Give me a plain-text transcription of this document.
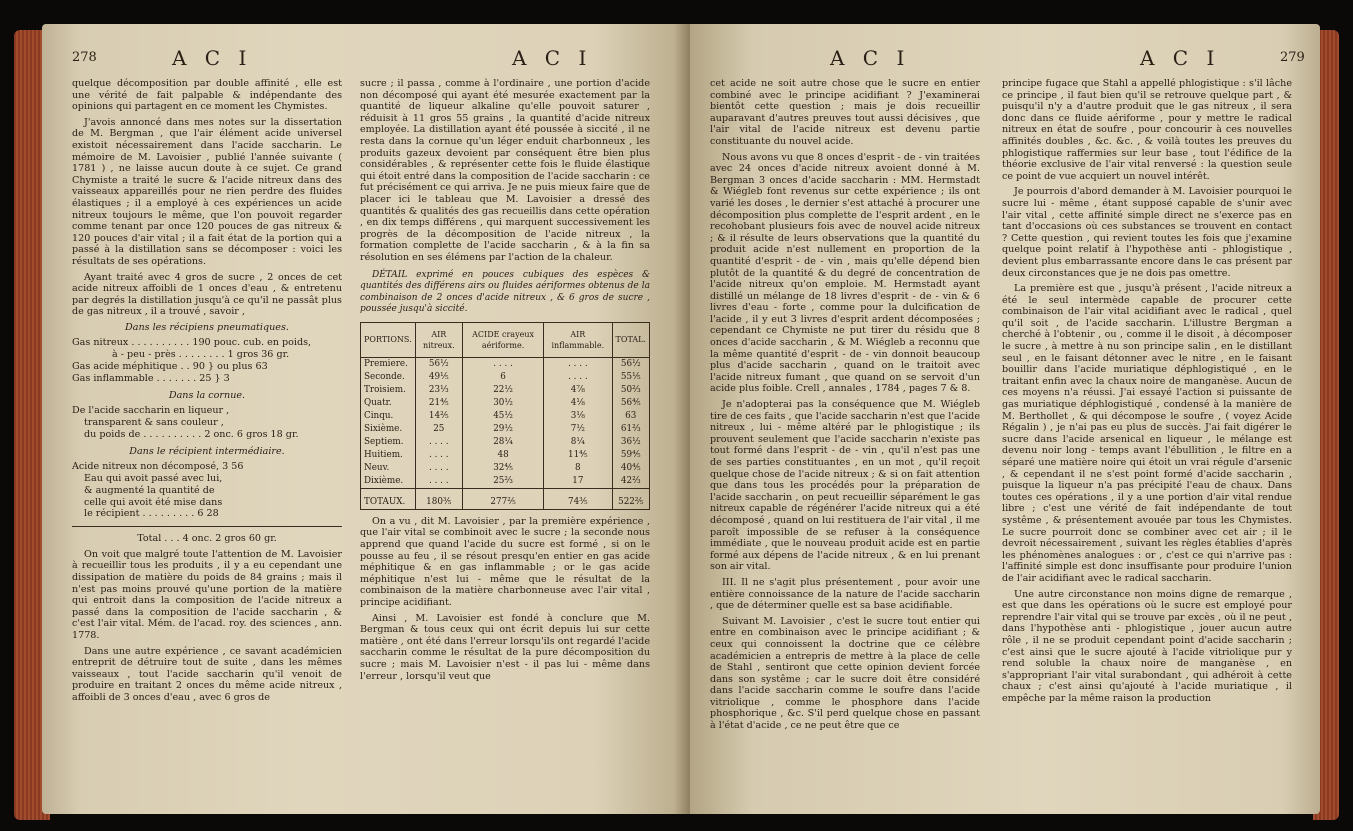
278	A C I	A C I

quelque décomposition par double affinité , elle est une vérité de fait palpable & indépendante des opinions qui partagent en ce moment les Chymistes.

J'avois annoncé dans mes notes sur la dissertation de M. Bergman , que l'air élément acide universel existoit nécessairement dans l'acide saccharin. Le mémoire de M. Lavoisier , publié l'année suivante ( 1781 ) , ne laisse aucun doute à ce sujet. Ce grand Chymiste a traité le sucre & l'acide nitreux dans des vaisseaux appareillés pour ne rien perdre des fluides élastiques ; il a employé à ces expériences un acide nitreux toujours le même, que l'on pouvoit regarder comme tenant par once 120 pouces de gas nitreux & 120 pouces d'air vital ; il a fait état de la portion qui a passé à la distillation sans se décomposer : voici les résultats de ses opérations.

Ayant traité avec 4 gros de sucre , 2 onces de cet acide nitreux affoibli de 1 onces d'eau , & entretenu par degrés la distillation jusqu'à ce qu'il ne passât plus de gas nitreux , il a trouvé , savoir ,

Dans les récipiens pneumatiques.

Gas nitreux . . . . . . . . . . 190 pouc. cub. en poids,
à - peu - près . . . . . . . . 1 gros 36 gr.
Gas acide méphitique . . 90 } ou plus 63
Gas inflammable . . . . . . . 25 } 3

Dans la cornue.

De l'acide saccharin en liqueur ,
transparent & sans couleur ,
du poids de . . . . . . . . . . 2 onc. 6 gros 18 gr.

Dans le récipient intermédiaire.

Acide nitreux non décomposé, 3 56
Eau qui avoit passé avec lui,
& augmenté la quantité de
celle qui avoit été mise dans
le récipient . . . . . . . . . 6 28

Total . . . 4 onc. 2 gros 60 gr.

On voit que malgré toute l'attention de M. Lavoisier à recueillir tous les produits , il y a eu cependant une dissipation de matière du poids de 84 grains ; mais il n'est pas moins prouvé qu'une portion de la matière qui entroit dans la composition de l'acide nitreux a passé dans la composition de l'acide saccharin , & c'est l'air vital. Mém. de l'acad. roy. des sciences , ann. 1778.

Dans une autre expérience , ce savant académicien entreprit de détruire tout de suite , dans les mêmes vaisseaux , tout l'acide saccharin qu'il venoit de produire en traitant 2 onces du même acide nitreux , affoibli de 3 onces d'eau , avec 6 gros de

sucre ; il passa , comme à l'ordinaire , une portion d'acide non décomposé qui ayant été mesurée exactement par la quantité de liqueur alkaline qu'elle pouvoit saturer , réduisit à 11 gros 55 grains , la quantité d'acide nitreux employée. La distillation ayant été poussée à siccité , il ne resta dans la cornue qu'un léger enduit charbonneux , les produits gazeux devoient par conséquent être bien plus considérables , & représenter cette fois le fluide élastique qui étoit entré dans la composition de l'acide saccharin : ce fut précisément ce qui arriva. Je ne puis mieux faire que de placer ici le tableau que M. Lavoisier a dressé des quantités & qualités des gas recueillis dans cette opération , en dix temps différens , qui marquent successivement les progrès de la décomposition de l'acide nitreux , la formation complette de l'acide saccharin , & à la fin sa résolution en ses élémens par l'action de la chaleur.

DÉTAIL exprimé en pouces cubiques des espèces & quantités des différens airs ou fluides aériformes obtenus de la combinaison de 2 onces d'acide nitreux , & 6 gros de sucre , poussée jusqu'à siccité.

PORTIONS.	AIR nitreux.	ACIDE crayeux aériforme.	AIR inflammable.	TOTAL.
Premiere.	56½	. . . .	. . . .	56½
Seconde.	49⅕	6	. . . .	55⅕
Troisiem.	23⅓	22½	4⅞	50⅔
Quatr.	21⅘	30½	4⅛	56⅘
Cinqu.	14⅖	45½	3⅛	63
Sixième.	25	29½	7½	61⅔
Septiem.	. . . .	28¼	8¼	36½
Huitiem.	. . . .	48	11⅘	59⅘
Neuv.	. . . .	32⅘	8	40⅘
Dixième.	. . . .	25⅔	17	42⅔
TOTAUX.	180⅗	277⅖	74⅗	522⅖

On a vu , dit M. Lavoisier , par la première expérience , que l'air vital se combinoit avec le sucre ; la seconde nous apprend que quand l'acide du sucre est formé , si on le pousse au feu , il se résout presqu'en entier en gas acide méphitique & en gas inflammable ; or le gas acide méphitique n'est lui - même que le résultat de la combinaison de la matière charbonneuse avec l'air vital , principe acidifiant.

Ainsi , M. Lavoisier est fondé à conclure que M. Bergman & tous ceux qui ont écrit depuis lui sur cette matière , ont été dans l'erreur lorsqu'ils ont regardé l'acide saccharin comme le résultat de la pure décomposition du sucre ; mais M. Lavoisier n'est - il pas lui - même dans l'erreur , lorsqu'il veut que

A C I	A C I	279

cet acide ne soit autre chose que le sucre en entier combiné avec le principe acidifiant ? J'examinerai bientôt cette question ; mais je dois recueillir auparavant d'autres preuves tout aussi décisives , que l'air vital de l'acide nitreux est devenu partie constituante du nouvel acide.

Nous avons vu que 8 onces d'esprit - de - vin traitées avec 24 onces d'acide nitreux avoient donné à M. Bergman 3 onces d'acide saccharin : MM. Hermstadt & Wiégleb font revenus sur cette expérience ; ils ont varié les doses , le dernier s'est attaché à procurer une décomposition plus complette de l'esprit ardent , en le recohobant plusieurs fois avec de nouvel acide nitreux ; & il résulte de leurs observations que la quantité du produit acide n'est nullement en proportion de la quantité d'esprit - de - vin , mais qu'elle dépend bien plutôt de la quantité & du degré de concentration de l'acide nitreux qu'on emploie. M. Hermstadt ayant distillé un mélange de 18 livres d'esprit - de - vin & 6 livres d'eau - forte , comme pour la dulcification de l'acide , il y eut 3 livres d'esprit ardent décomposées ; cependant ce Chymiste ne put tirer du résidu que 8 onces d'acide saccharin , & M. Wiégleb a reconnu que la même quantité d'esprit - de - vin donnoit beaucoup plus d'acide saccharin , quand on le traitoit avec l'acide nitreux fumant , que quand on se servoit d'un acide plus foible. Crell , annales , 1784 , pages 7 & 8.

Je n'adopterai pas la conséquence que M. Wiégleb tire de ces faits , que l'acide saccharin n'est que l'acide nitreux , lui - même altéré par le phlogistique ; ils prouvent seulement que l'acide saccharin n'existe pas tout formé dans l'esprit - de - vin , qu'il n'est pas une de ses parties constituantes , en un mot , qu'il reçoit quelque chose de l'acide nitreux ; & si on fait attention que dans tous les procédés pour la préparation de l'acide saccharin , on peut recueillir séparément le gas nitreux capable de régénérer l'acide nitreux qui a été décomposé , quand on lui restituera de l'air vital , il me paroît impossible de se refuser à la conséquence immédiate , que le nouveau produit acide est en partie formé aux dépens de l'acide nitreux , & en lui prenant son air vital.

III. Il ne s'agit plus présentement , pour avoir une entière connoissance de la nature de l'acide saccharin , que de déterminer quelle est sa base acidifiable.

Suivant M. Lavoisier , c'est le sucre tout entier qui entre en combinaison avec le principe acidifiant ; & ceux qui connoissent la doctrine que ce célèbre académicien a entrepris de mettre à la place de celle de Stahl , sentiront que cette opinion devient forcée dans son systême ; car le sucre doit être considéré dans l'acide saccharin comme le soufre dans l'acide vitriolique , comme le phosphore dans l'acide phosphorique , &c. S'il perd quelque chose en passant à l'état d'acide , ce ne peut être que ce

principe fugace que Stahl a appellé phlogistique : s'il lâche ce principe , il faut bien qu'il se retrouve quelque part , & puisqu'il n'y a d'autre produit que le gas nitreux , il sera donc dans ce fluide aériforme , pour y mettre le radical nitreux en état de soufre , pour concourir à ces nouvelles affinités doubles , &c. &c. , & voilà toutes les preuves du phlogistique raffermies sur leur base , tout l'édifice de la théorie exclusive de l'air vital renversé : la question seule ce point de vue acquiert un nouvel intérêt.

Je pourrois d'abord demander à M. Lavoisier pourquoi le sucre lui - même , étant supposé capable de s'unir avec l'air vital , cette affinité simple direct ne s'exerce pas en tant d'occasions où ces substances se trouvent en contact ? Cette question , qui revient toutes les fois que j'examine quelque point relatif à l'hypothèse anti - phlogistique , devient plus embarrassante encore dans le cas présent par deux circonstances que je ne dois pas omettre.

La première est que , jusqu'à présent , l'acide nitreux a été le seul intermède capable de procurer cette combinaison de l'air vital acidifiant avec le radical , quel qu'il soit , de l'acide saccharin. L'illustre Bergman a cherché à l'obtenir , ou , comme il le disoit , à décomposer le sucre , à mettre à nu son principe salin , en le distillant seul , en le faisant détonner avec le nitre , en le faisant bouillir dans l'acide muriatique déphlogistiqué , en le traitant enfin avec la chaux noire de manganèse. Aucun de ces moyens n'a réussi. J'ai essayé l'action si puissante de gas muriatique déphlogistiqué , condensé à la manière de M. Berthollet , & qui décompose le soufre , ( voyez Acide Régalin ) , je n'ai pas eu plus de succès. J'ai fait digérer le sucre dans l'acide arsenical en liqueur , le mélange est devenu noir long - temps avant l'ébullition , le filtre en a séparé une matière noire qui étoit un vrai régule d'arsenic , & cependant il ne s'est point formé d'acide saccharin , puisque la liqueur n'a pas précipité l'eau de chaux. Dans toutes ces opérations , il y a une portion d'air vital rendue libre ; c'est une vérité de fait indépendante de tout systême , & présentement avouée par tous les Chymistes. Le sucre pourroit donc se combiner avec cet air ; il le devroit nécessairement , suivant les règles établies d'après les phénomènes analogues : or , c'est ce qui n'arrive pas : l'affinité simple est donc insuffisante pour produire l'union de l'air acidifiant avec le radical saccharin.

Une autre circonstance non moins digne de remarque , est que dans les opérations où le sucre est employé pour reprendre l'air vital qui se trouve par excès , où il ne peut , dans l'hypothèse anti - phlogistique , jouer aucun autre rôle , il ne se produit cependant point d'acide saccharin ; c'est ainsi que le sucre ajouté à l'acide vitriolique pur y rend soluble la chaux noire de manganèse , en s'appropriant l'air vital surabondant , qui adhéroit à cette chaux ; c'est ainsi qu'ajouté à l'acide muriatique , il empêche par la même raison la production
